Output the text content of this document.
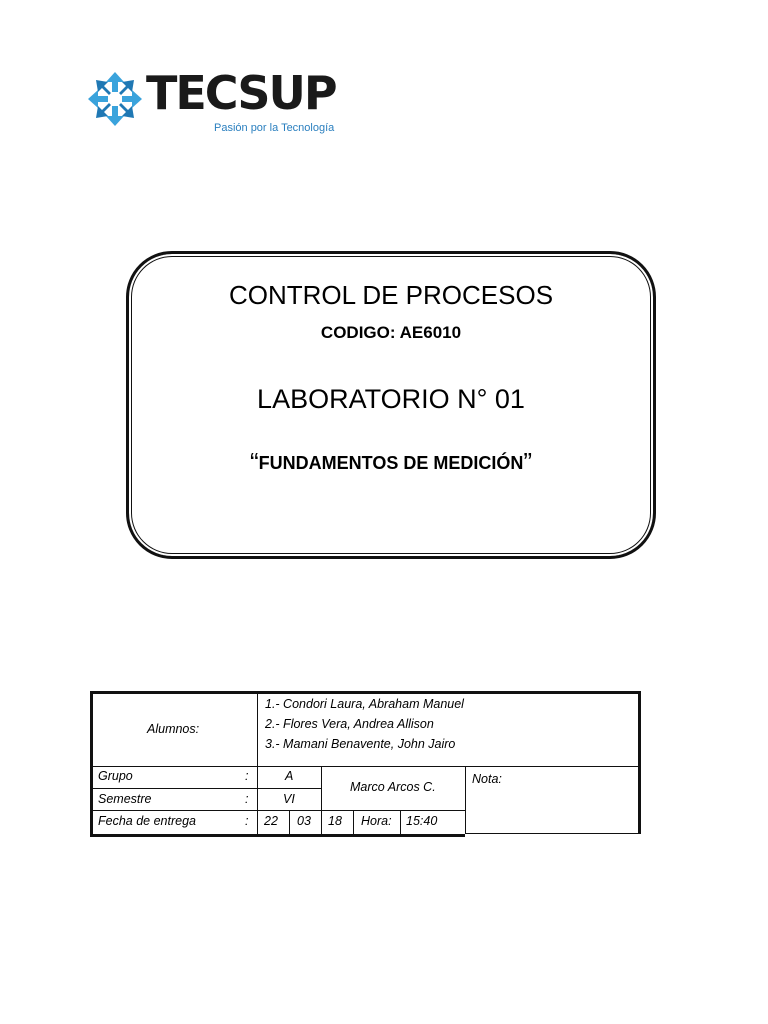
TECSUP
Pasión por la Tecnología
CONTROL DE PROCESOS
CODIGO: AE6010
LABORATORIO N° 01
“FUNDAMENTOS DE MEDICIÓN”
Alumnos:
1.- Condori Laura, Abraham Manuel
2.- Flores Vera, Andrea Allison
3.- Mamani Benavente, John Jairo
Grupo	:	A
Semestre	:	VI
Fecha de entrega	: 22 03 18 Hora: 15:40
Marco Arcos C.
Nota:
